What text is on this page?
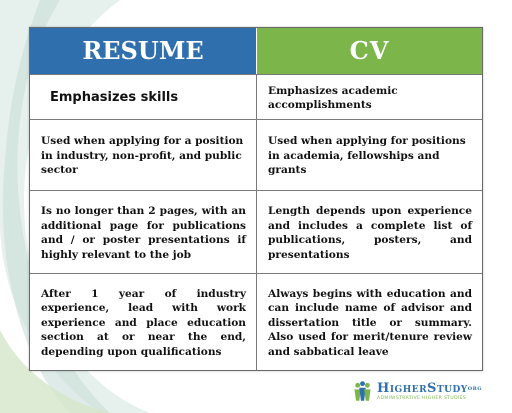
RESUME	CV
Emphasizes skills	Emphasizes academic accomplishments
Used when applying for a position in industry, non-profit, and public sector
Used when applying for positions in academia, fellowships and grants
Is no longer than 2 pages, with an additional page for publications and / or poster presentations if highly relevant to the job
Length depends upon experience and includes a complete list of publications, posters, and presentations
After 1 year of industry experience, lead with work experience and place education section at or near the end, depending upon qualifications
Always begins with education and can include name of advisor and dissertation title or summary. Also used for merit/tenure review and sabbatical leave
HigherStudy$^{ORG}$
ADMINISTRATIVE HIGHER STUDIES
